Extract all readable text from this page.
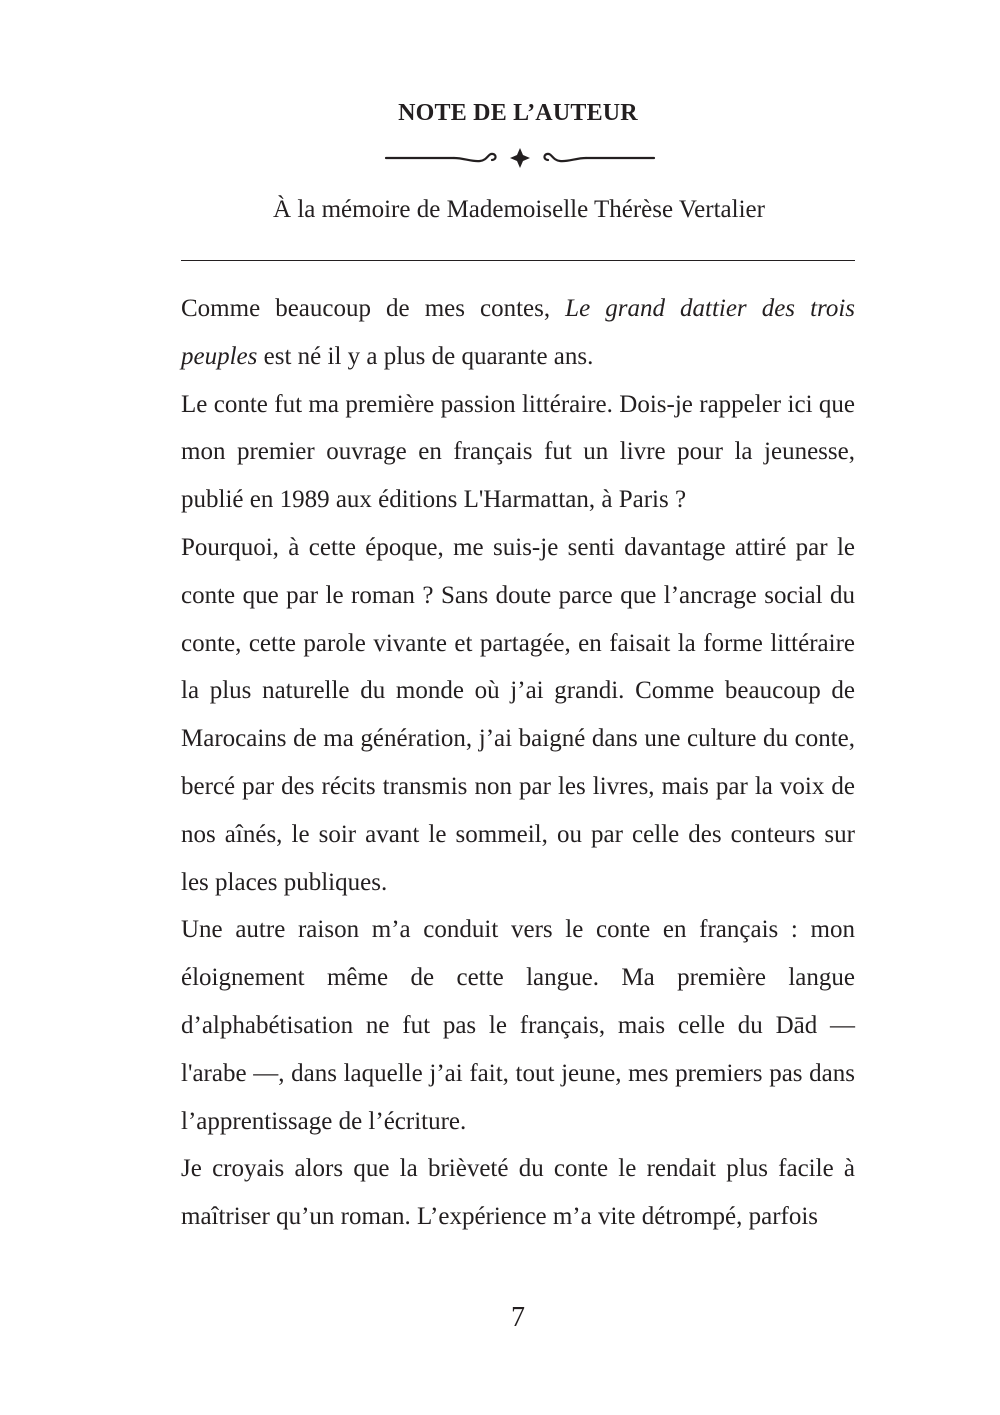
NOTE DE L’AUTEUR
À la mémoire de Mademoiselle Thérèse Vertalier

Comme beaucoup de mes contes, Le grand dattier des trois peuples est né il y a plus de quarante ans.

Le conte fut ma première passion littéraire. Dois-je rappeler ici que mon premier ouvrage en français fut un livre pour la jeunesse, publié en 1989 aux éditions L'Harmattan, à Paris ?

Pourquoi, à cette époque, me suis-je senti davantage attiré par le conte que par le roman ? Sans doute parce que l’ancrage social du conte, cette parole vivante et partagée, en faisait la forme littéraire la plus naturelle du monde où j’ai grandi. Comme beaucoup de Marocains de ma génération, j’ai baigné dans une culture du conte, bercé par des récits transmis non par les livres, mais par la voix de nos aînés, le soir avant le sommeil, ou par celle des conteurs sur les places publiques.

Une autre raison m’a conduit vers le conte en français : mon éloignement même de cette langue. Ma première langue d’alphabétisation ne fut pas le français, mais celle du Dād — l'arabe —, dans laquelle j’ai fait, tout jeune, mes premiers pas dans l’apprentissage de l’écriture.

Je croyais alors que la brièveté du conte le rendait plus facile à maîtriser qu’un roman. L’expérience m’a vite détrompé, parfois

7
